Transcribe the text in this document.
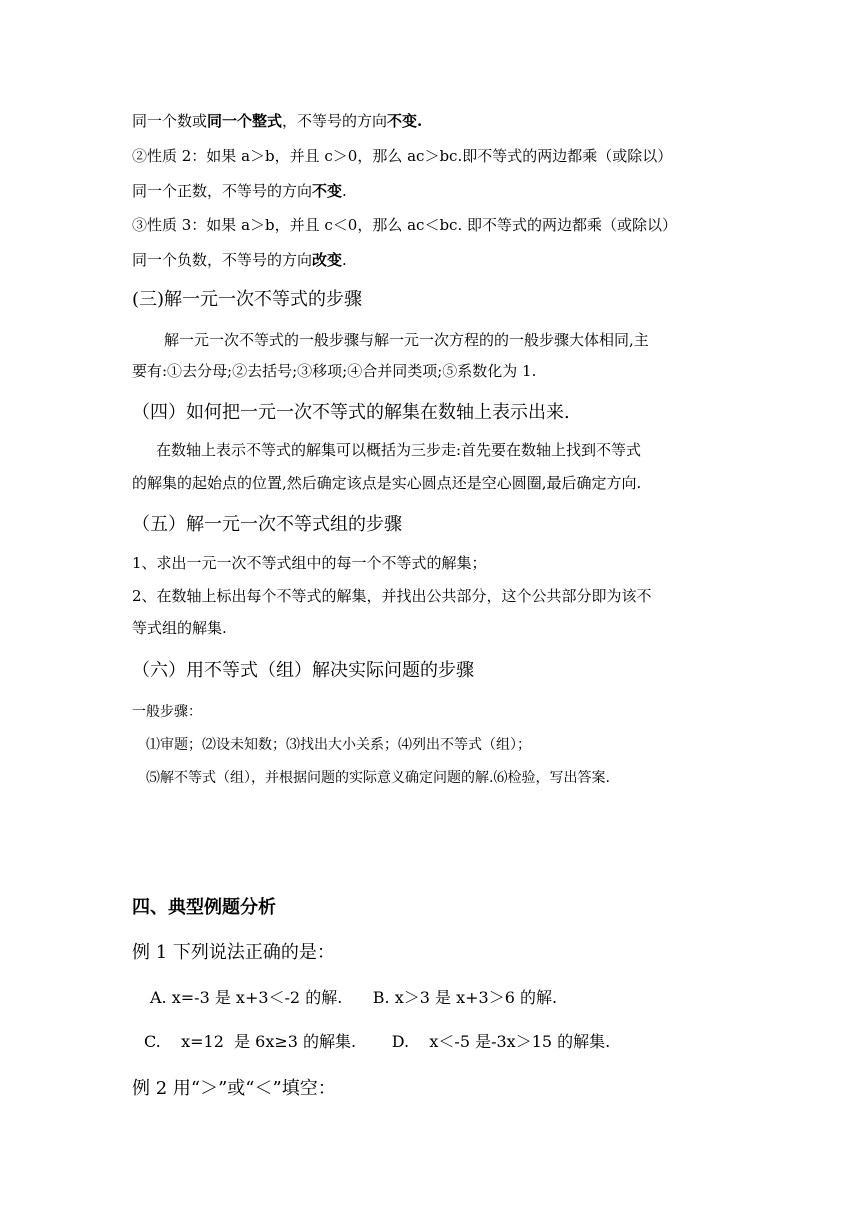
同一个数或同一个整式，不等号的方向不变.
②性质 2：如果 a＞b，并且 c＞0，那么 ac＞bc.即不等式的两边都乘（或除以）
同一个正数，不等号的方向不变.
③性质 3：如果 a＞b，并且 c＜0，那么 ac＜bc. 即不等式的两边都乘（或除以）
同一个负数，不等号的方向改变.
(三)解一元一次不等式的步骤
解一元一次不等式的一般步骤与解一元一次方程的的一般步骤大体相同,主
要有:①去分母;②去括号;③移项;④合并同类项;⑤系数化为 1.
（四）如何把一元一次不等式的解集在数轴上表示出来.
在数轴上表示不等式的解集可以概括为三步走:首先要在数轴上找到不等式
的解集的起始点的位置,然后确定该点是实心圆点还是空心圆圈,最后确定方向.
（五）解一元一次不等式组的步骤
1、求出一元一次不等式组中的每一个不等式的解集；
2、在数轴上标出每个不等式的解集，并找出公共部分，这个公共部分即为该不
等式组的解集.
（六）用不等式（组）解决实际问题的步骤
一般步骤：
⑴审题；⑵设未知数；⑶找出大小关系；⑷列出不等式（组）；
⑸解不等式（组），并根据问题的实际意义确定问题的解.⑹检验，写出答案.
四、典型例题分析
例 1 下列说法正确的是：
A. x=-3 是 x+3＜-2 的解.      B. x＞3 是 x+3＞6 的解.
C.    x=12  是 6x≥3 的解集.       D.    x＜-5 是-3x＞15 的解集.
例 2 用“＞”或“＜”填空：
